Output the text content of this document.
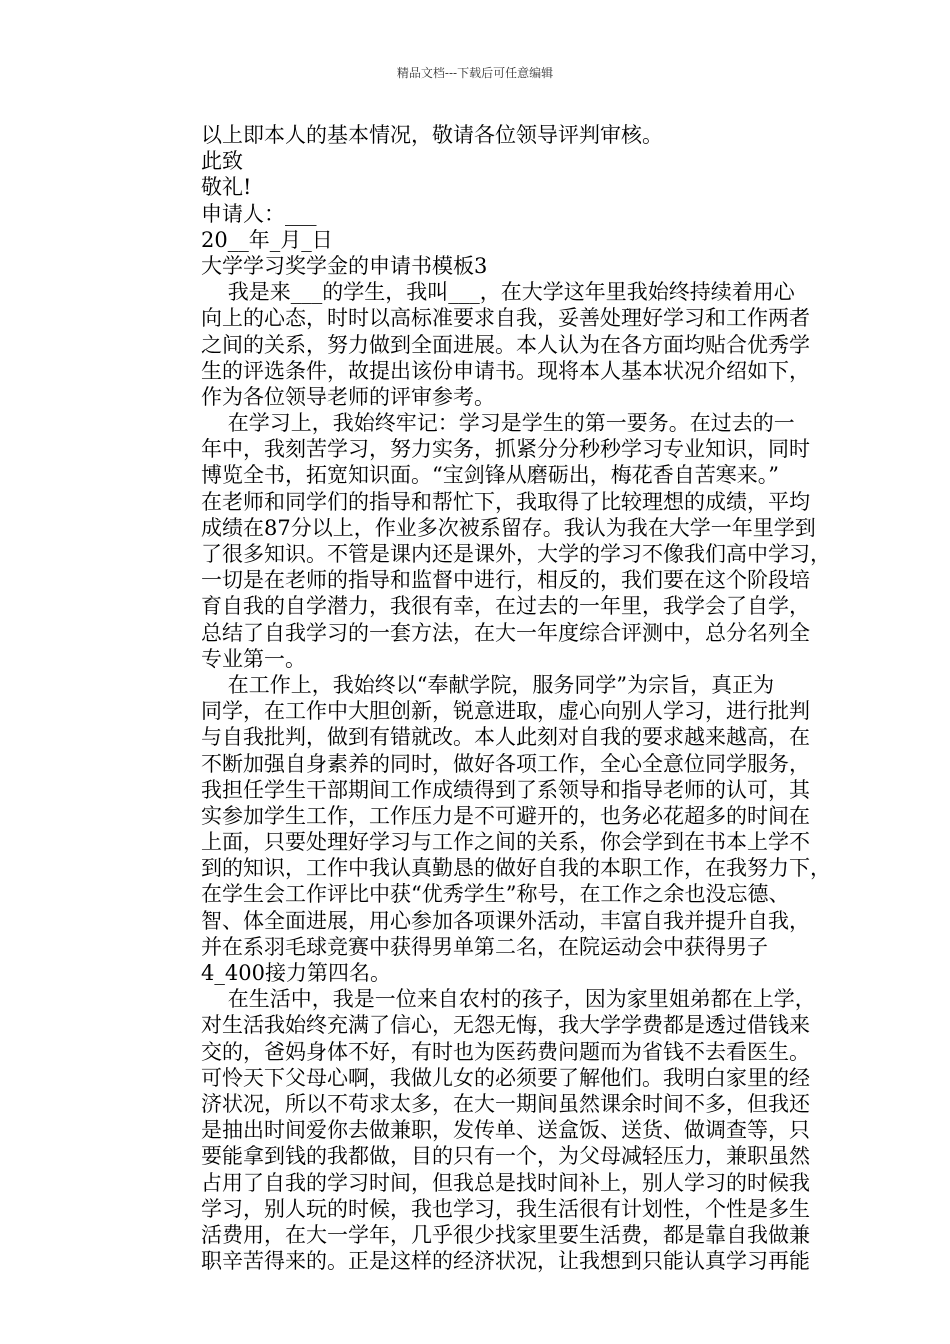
精品文档---下载后可任意编辑
以上即本人的基本情况，敬请各位领导评判审核。
此致
敬礼!
申请人：___
20__年_月_日
大学学习奖学金的申请书模板3
我是来___的学生，我叫___，在大学这年里我始终持续着用心
向上的心态，时时以高标准要求自我，妥善处理好学习和工作两者
之间的关系，努力做到全面进展。本人认为在各方面均贴合优秀学
生的评选条件，故提出该份申请书。现将本人基本状况介绍如下，
作为各位领导老师的评审参考。
在学习上，我始终牢记：学习是学生的第一要务。在过去的一
年中，我刻苦学习，努力实务，抓紧分分秒秒学习专业知识，同时
博览全书，拓宽知识面。“宝剑锋从磨砺出，梅花香自苦寒来。”
在老师和同学们的指导和帮忙下，我取得了比较理想的成绩，平均
成绩在87分以上，作业多次被系留存。我认为我在大学一年里学到
了很多知识。不管是课内还是课外，大学的学习不像我们高中学习，
一切是在老师的指导和监督中进行，相反的，我们要在这个阶段培
育自我的自学潜力，我很有幸，在过去的一年里，我学会了自学，
总结了自我学习的一套方法，在大一年度综合评测中，总分名列全
专业第一。
在工作上，我始终以“奉献学院，服务同学”为宗旨，真正为
同学，在工作中大胆创新，锐意进取，虚心向别人学习，进行批判
与自我批判，做到有错就改。本人此刻对自我的要求越来越高，在
不断加强自身素养的同时，做好各项工作，全心全意位同学服务，
我担任学生干部期间工作成绩得到了系领导和指导老师的认可，其
实参加学生工作，工作压力是不可避开的，也务必花超多的时间在
上面，只要处理好学习与工作之间的关系，你会学到在书本上学不
到的知识，工作中我认真勤恳的做好自我的本职工作，在我努力下，
在学生会工作评比中获“优秀学生”称号，在工作之余也没忘德、
智、体全面进展，用心参加各项课外活动，丰富自我并提升自我，
并在系羽毛球竞赛中获得男单第二名，在院运动会中获得男子
4_400接力第四名。
在生活中，我是一位来自农村的孩子，因为家里姐弟都在上学，
对生活我始终充满了信心，无怨无悔，我大学学费都是透过借钱来
交的，爸妈身体不好，有时也为医药费问题而为省钱不去看医生。
可怜天下父母心啊，我做儿女的必须要了解他们。我明白家里的经
济状况，所以不苟求太多，在大一期间虽然课余时间不多，但我还
是抽出时间爱你去做兼职，发传单、送盒饭、送货、做调查等，只
要能拿到钱的我都做，目的只有一个，为父母减轻压力，兼职虽然
占用了自我的学习时间，但我总是找时间补上，别人学习的时候我
学习，别人玩的时候，我也学习，我生活很有计划性，个性是多生
活费用，在大一学年，几乎很少找家里要生活费，都是靠自我做兼
职辛苦得来的。正是这样的经济状况，让我想到只能认真学习再能
